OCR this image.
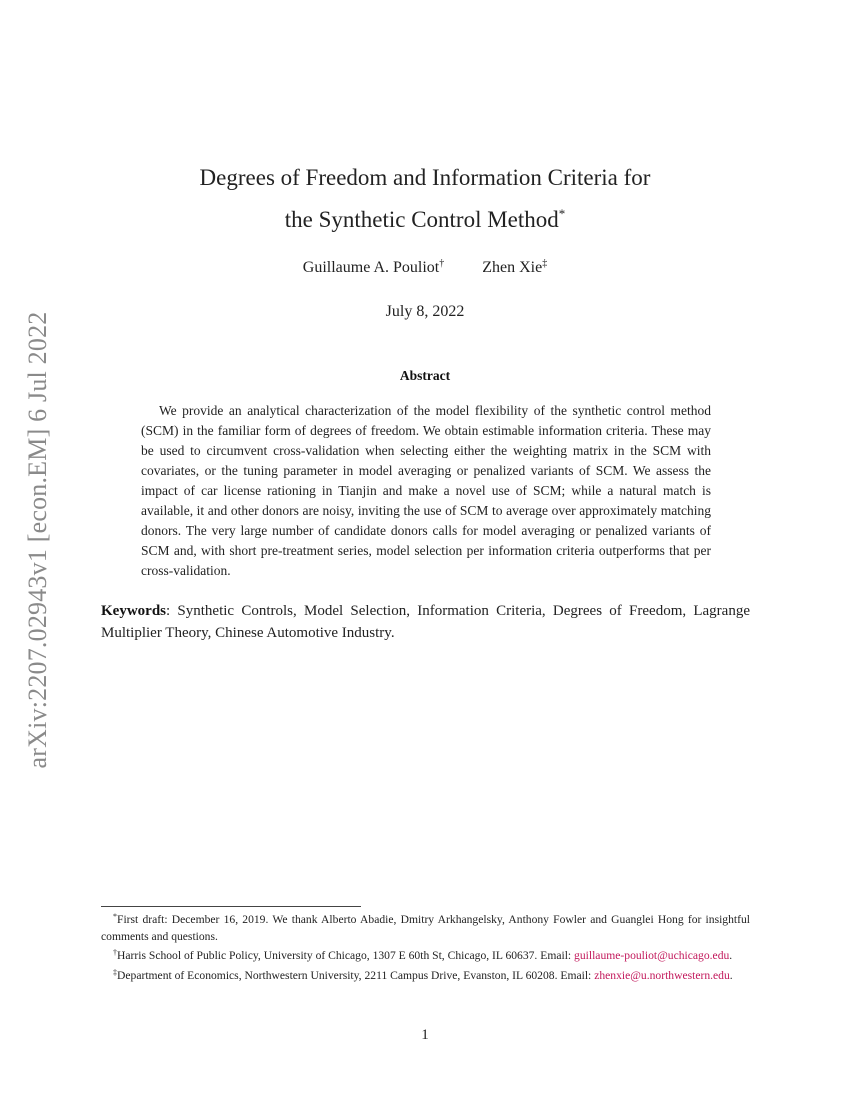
arXiv:2207.02943v1 [econ.EM] 6 Jul 2022
Degrees of Freedom and Information Criteria for
the Synthetic Control Method*
Guillaume A. Pouliot† Zhen Xie‡
July 8, 2022
Abstract

We provide an analytical characterization of the model flexibility of the synthetic control method (SCM) in the familiar form of degrees of freedom. We obtain estimable information criteria. These may be used to circumvent cross-validation when selecting either the weighting matrix in the SCM with covariates, or the tuning parameter in model averaging or penalized variants of SCM. We assess the impact of car license rationing in Tianjin and make a novel use of SCM; while a natural match is available, it and other donors are noisy, inviting the use of SCM to average over approximately matching donors. The very large number of candidate donors calls for model averaging or penalized variants of SCM and, with short pre-treatment series, model selection per information criteria outperforms that per cross-validation.

Keywords: Synthetic Controls, Model Selection, Information Criteria, Degrees of Freedom, Lagrange Multiplier Theory, Chinese Automotive Industry.

*First draft: December 16, 2019. We thank Alberto Abadie, Dmitry Arkhangelsky, Anthony Fowler and Guanglei Hong for insightful comments and questions.

†Harris School of Public Policy, University of Chicago, 1307 E 60th St, Chicago, IL 60637. Email: guillaume-pouliot@uchicago.edu.

‡Department of Economics, Northwestern University, 2211 Campus Drive, Evanston, IL 60208. Email: zhenxie@u.northwestern.edu.

1
